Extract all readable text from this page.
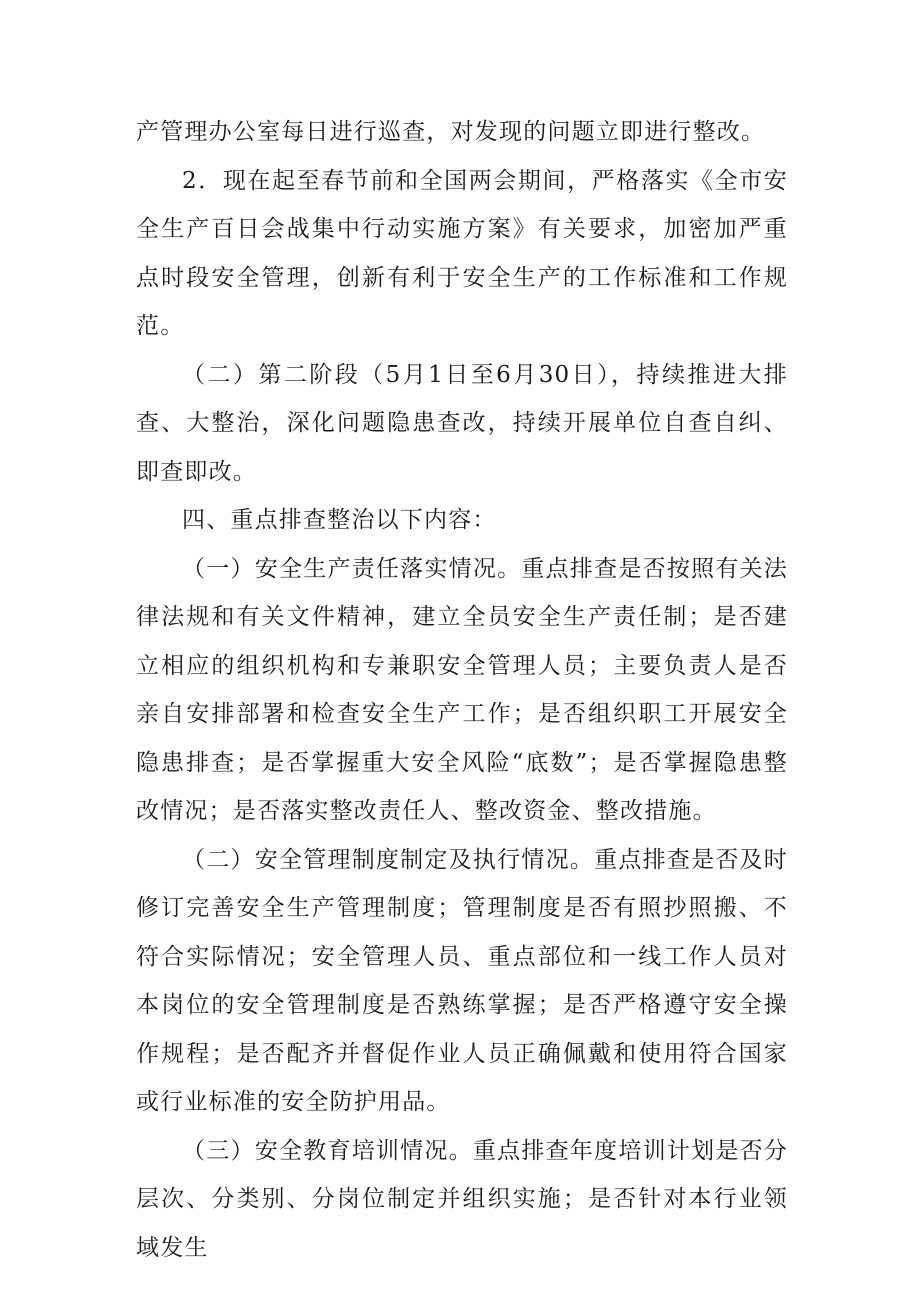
产管理办公室每日进行巡查，对发现的问题立即进行整改。

2．现在起至春节前和全国两会期间，严格落实《全市安全生产百日会战集中行动实施方案》有关要求，加密加严重点时段安全管理，创新有利于安全生产的工作标准和工作规范。

（二）第二阶段（5月1日至6月30日），持续推进大排查、大整治，深化问题隐患查改，持续开展单位自查自纠、即查即改。

四、重点排查整治以下内容：

（一）安全生产责任落实情况。重点排查是否按照有关法律法规和有关文件精神，建立全员安全生产责任制；是否建立相应的组织机构和专兼职安全管理人员；主要负责人是否亲自安排部署和检查安全生产工作；是否组织职工开展安全隐患排查；是否掌握重大安全风险“底数”；是否掌握隐患整改情况；是否落实整改责任人、整改资金、整改措施。

（二）安全管理制度制定及执行情况。重点排查是否及时修订完善安全生产管理制度；管理制度是否有照抄照搬、不符合实际情况；安全管理人员、重点部位和一线工作人员对本岗位的安全管理制度是否熟练掌握；是否严格遵守安全操作规程；是否配齐并督促作业人员正确佩戴和使用符合国家或行业标准的安全防护用品。

（三）安全教育培训情况。重点排查年度培训计划是否分层次、分类别、分岗位制定并组织实施；是否针对本行业领域发生
